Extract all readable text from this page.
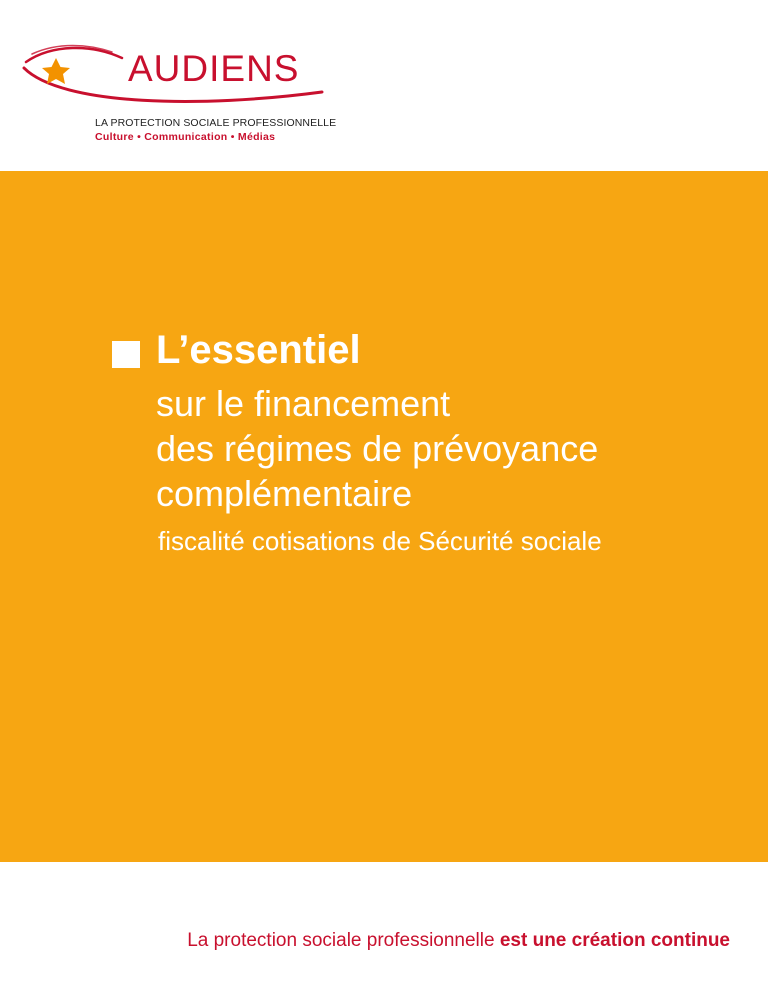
AUDIENS
LA PROTECTION SOCIALE PROFESSIONNELLE
Culture • Communication • Médias
L’essentiel
sur le financement
des régimes de prévoyance
complémentaire
fiscalité cotisations de Sécurité sociale
La protection sociale professionnelle est une création continue
